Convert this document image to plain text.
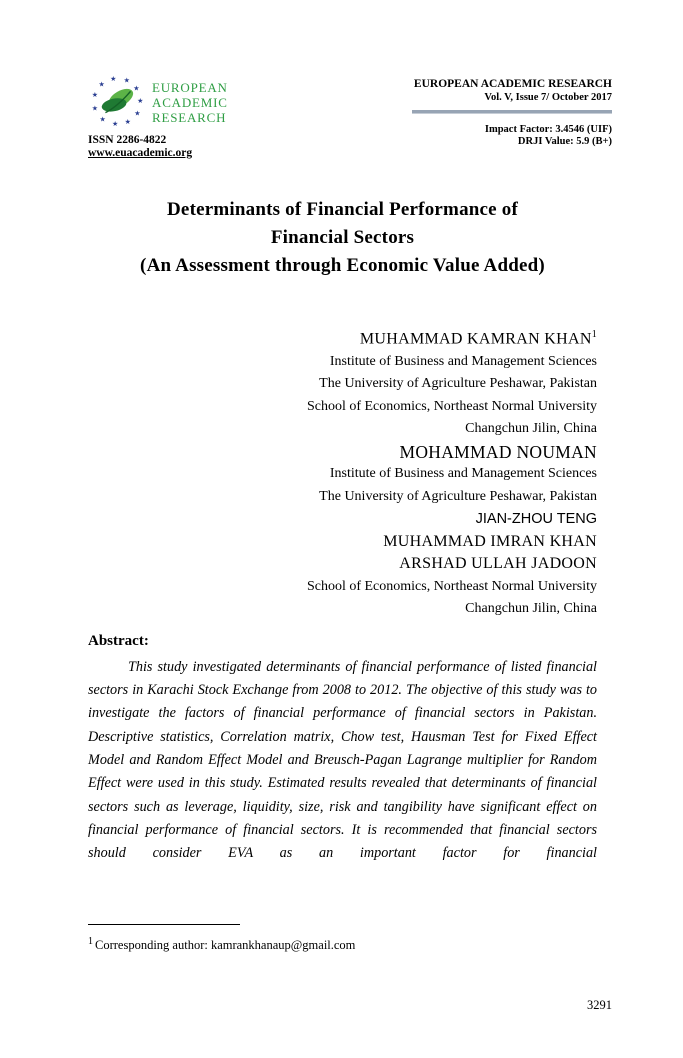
★
★
★
★
★
★
★
★
★ ★
★
EUROPEAN
ACADEMIC
RESEARCH
ISSN 2286-4822
www.euacademic.org
EUROPEAN ACADEMIC RESEARCH
Vol. V, Issue 7/ October 2017
Impact Factor: 3.4546 (UIF)
DRJI Value: 5.9 (B+)
Determinants of Financial Performance of
Financial Sectors
(An Assessment through Economic Value Added)
MUHAMMAD KAMRAN KHAN$^1$
Institute of Business and Management Sciences
The University of Agriculture Peshawar, Pakistan
School of Economics, Northeast Normal University
Changchun Jilin, China
MOHAMMAD NOUMAN
Institute of Business and Management Sciences
The University of Agriculture Peshawar, Pakistan
JIAN-ZHOU TENG
MUHAMMAD IMRAN KHAN
ARSHAD ULLAH JADOON
School of Economics, Northeast Normal University
Changchun Jilin, China
Abstract:

This study investigated determinants of financial performance of listed financial sectors in Karachi Stock Exchange from 2008 to 2012. The objective of this study was to investigate the factors of financial performance of financial sectors in Pakistan. Descriptive statistics, Correlation matrix, Chow test, Hausman Test for Fixed Effect Model and Random Effect Model and Breusch-Pagan Lagrange multiplier for Random Effect were used in this study. Estimated results revealed that determinants of financial sectors such as leverage, liquidity, size, risk and tangibility have significant effect on financial performance of financial sectors. It is recommended that financial sectors should consider EVA as an important factor for financial

$^1$ Corresponding author: kamrankhanaup@gmail.com
3291
